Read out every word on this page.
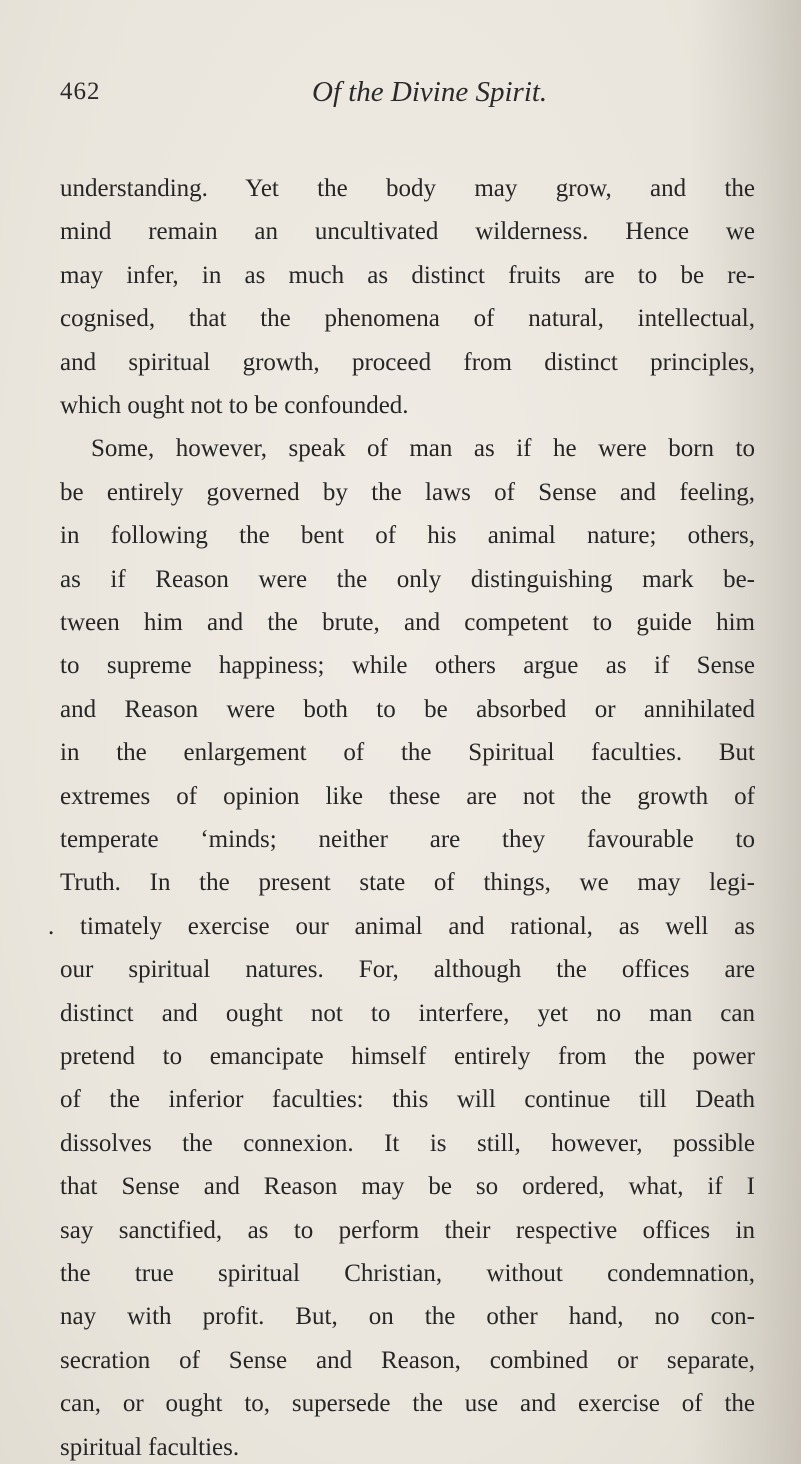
462	Of the Divine Spirit.
understanding. Yet the body may grow, and the
mind remain an uncultivated wilderness. Hence we
may infer, in as much as distinct fruits are to be re-
cognised, that the phenomena of natural, intellectual,
and spiritual growth, proceed from distinct principles,
which ought not to be confounded.
Some, however, speak of man as if he were born to
be entirely governed by the laws of Sense and feeling,
in following the bent of his animal nature; others,
as if Reason were the only distinguishing mark be-
tween him and the brute, and competent to guide him
to supreme happiness; while others argue as if Sense
and Reason were both to be absorbed or annihilated
in the enlargement of the Spiritual faculties. But
extremes of opinion like these are not the growth of
temperate ‘minds; neither are they favourable to
Truth. In the present state of things, we may legi-
. timately exercise our animal and rational, as well as
our spiritual natures. For, although the offices are
distinct and ought not to interfere, yet no man can
pretend to emancipate himself entirely from the power
of the inferior faculties: this will continue till Death
dissolves the connexion. It is still, however, possible
that Sense and Reason may be so ordered, what, if I
say sanctified, as to perform their respective offices in
the true spiritual Christian, without condemnation,
nay with profit. But, on the other hand, no con-
secration of Sense and Reason, combined or separate,
can, or ought to, supersede the use and exercise of the
spiritual faculties.
